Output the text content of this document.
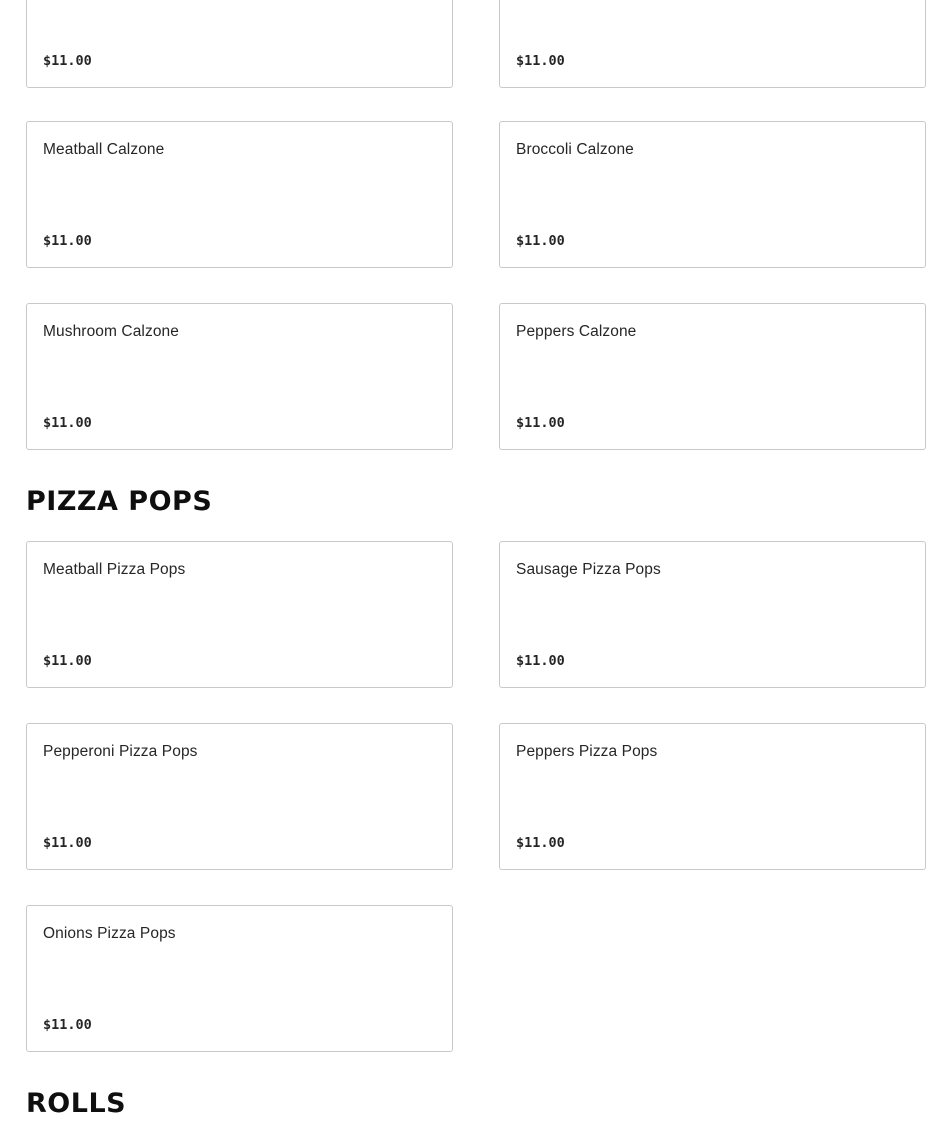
$11.00	$11.00
Meatball Calzone
$11.00
Broccoli Calzone
$11.00
Mushroom Calzone
$11.00
Peppers Calzone
$11.00
PIZZA POPS
Meatball Pizza Pops
$11.00
Sausage Pizza Pops
$11.00
Pepperoni Pizza Pops
$11.00
Peppers Pizza Pops
$11.00
Onions Pizza Pops
$11.00
ROLLS
